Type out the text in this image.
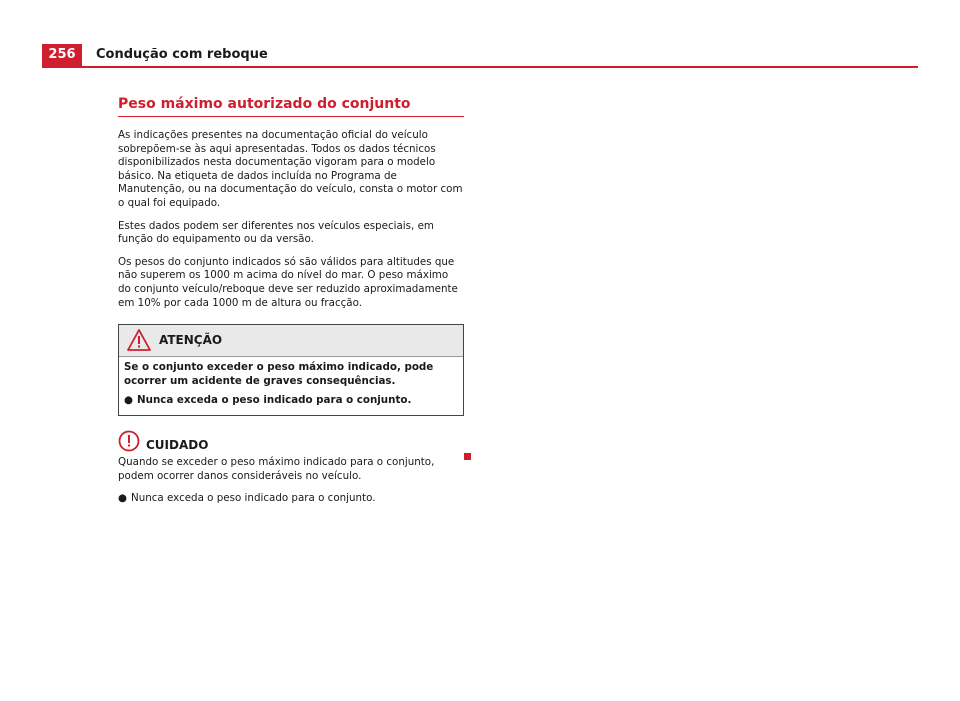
256	Condução com reboque
Peso máximo autorizado do conjunto

As indicações presentes na documentação oficial do veículo sobrepõem-se às aqui apresentadas. Todos os dados técnicos disponibilizados nesta documentação vigoram para o modelo básico. Na etiqueta de dados incluída no Programa de Manutenção, ou na documentação do veículo, consta o motor com o qual foi equipado.

Estes dados podem ser diferentes nos veículos especiais, em função do equipamento ou da versão.

Os pesos do conjunto indicados só são válidos para altitudes que não superem os 1000 m acima do nível do mar. O peso máximo do conjunto veículo/reboque deve ser reduzido aproximadamente em 10% por cada 1000 m de altura ou fracção.

ATENÇÃO

Se o conjunto exceder o peso máximo indicado, pode ocorrer um acidente de graves consequências.

● Nunca exceda o peso indicado para o conjunto.
CUIDADO

Quando se exceder o peso máximo indicado para o conjunto, podem ocorrer danos consideráveis no veículo.

● Nunca exceda o peso indicado para o conjunto.
